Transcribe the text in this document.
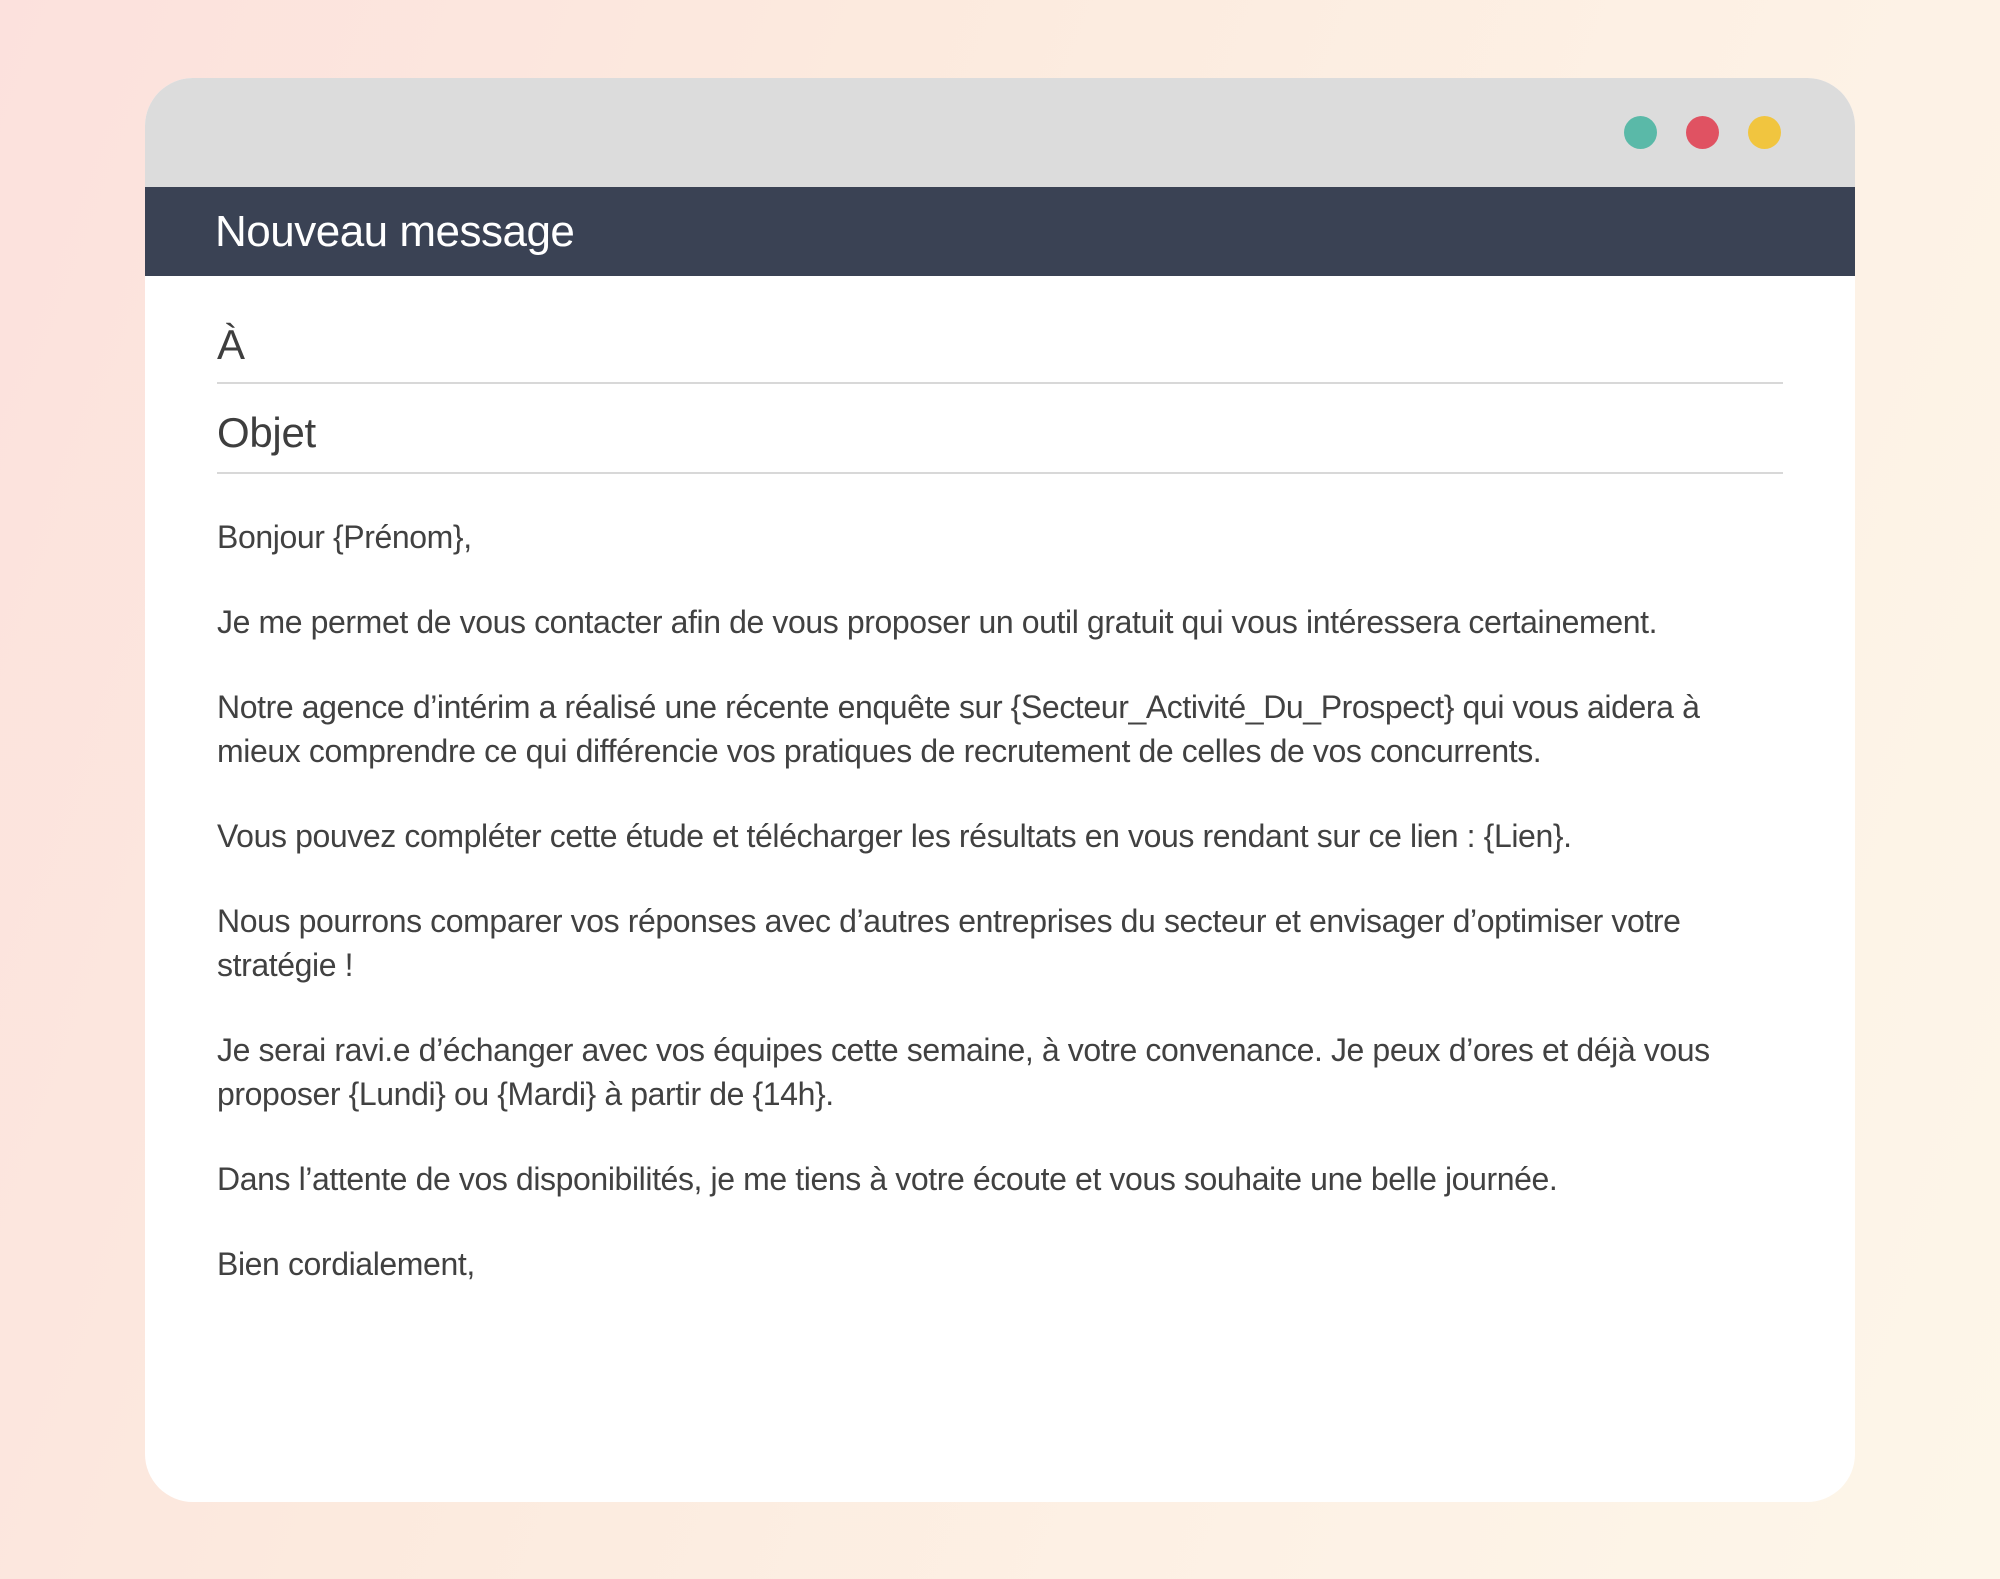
Nouveau message
À
Objet

Bonjour {Prénom},

Je me permet de vous contacter afin de vous proposer un outil gratuit qui vous intéressera certainement.

Notre agence d’intérim a réalisé une récente enquête sur {Secteur_Activité_Du_Prospect} qui vous aidera à mieux comprendre ce qui différencie vos pratiques de recrutement de celles de vos concurrents.

Vous pouvez compléter cette étude et télécharger les résultats en vous rendant sur ce lien : {Lien}.

Nous pourrons comparer vos réponses avec d’autres entreprises du secteur et envisager d’optimiser votre stratégie !

Je serai ravi.e d’échanger avec vos équipes cette semaine, à votre convenance. Je peux d’ores et déjà vous proposer {Lundi} ou {Mardi} à partir de {14h}.

Dans l’attente de vos disponibilités, je me tiens à votre écoute et vous souhaite une belle journée.

Bien cordialement,
